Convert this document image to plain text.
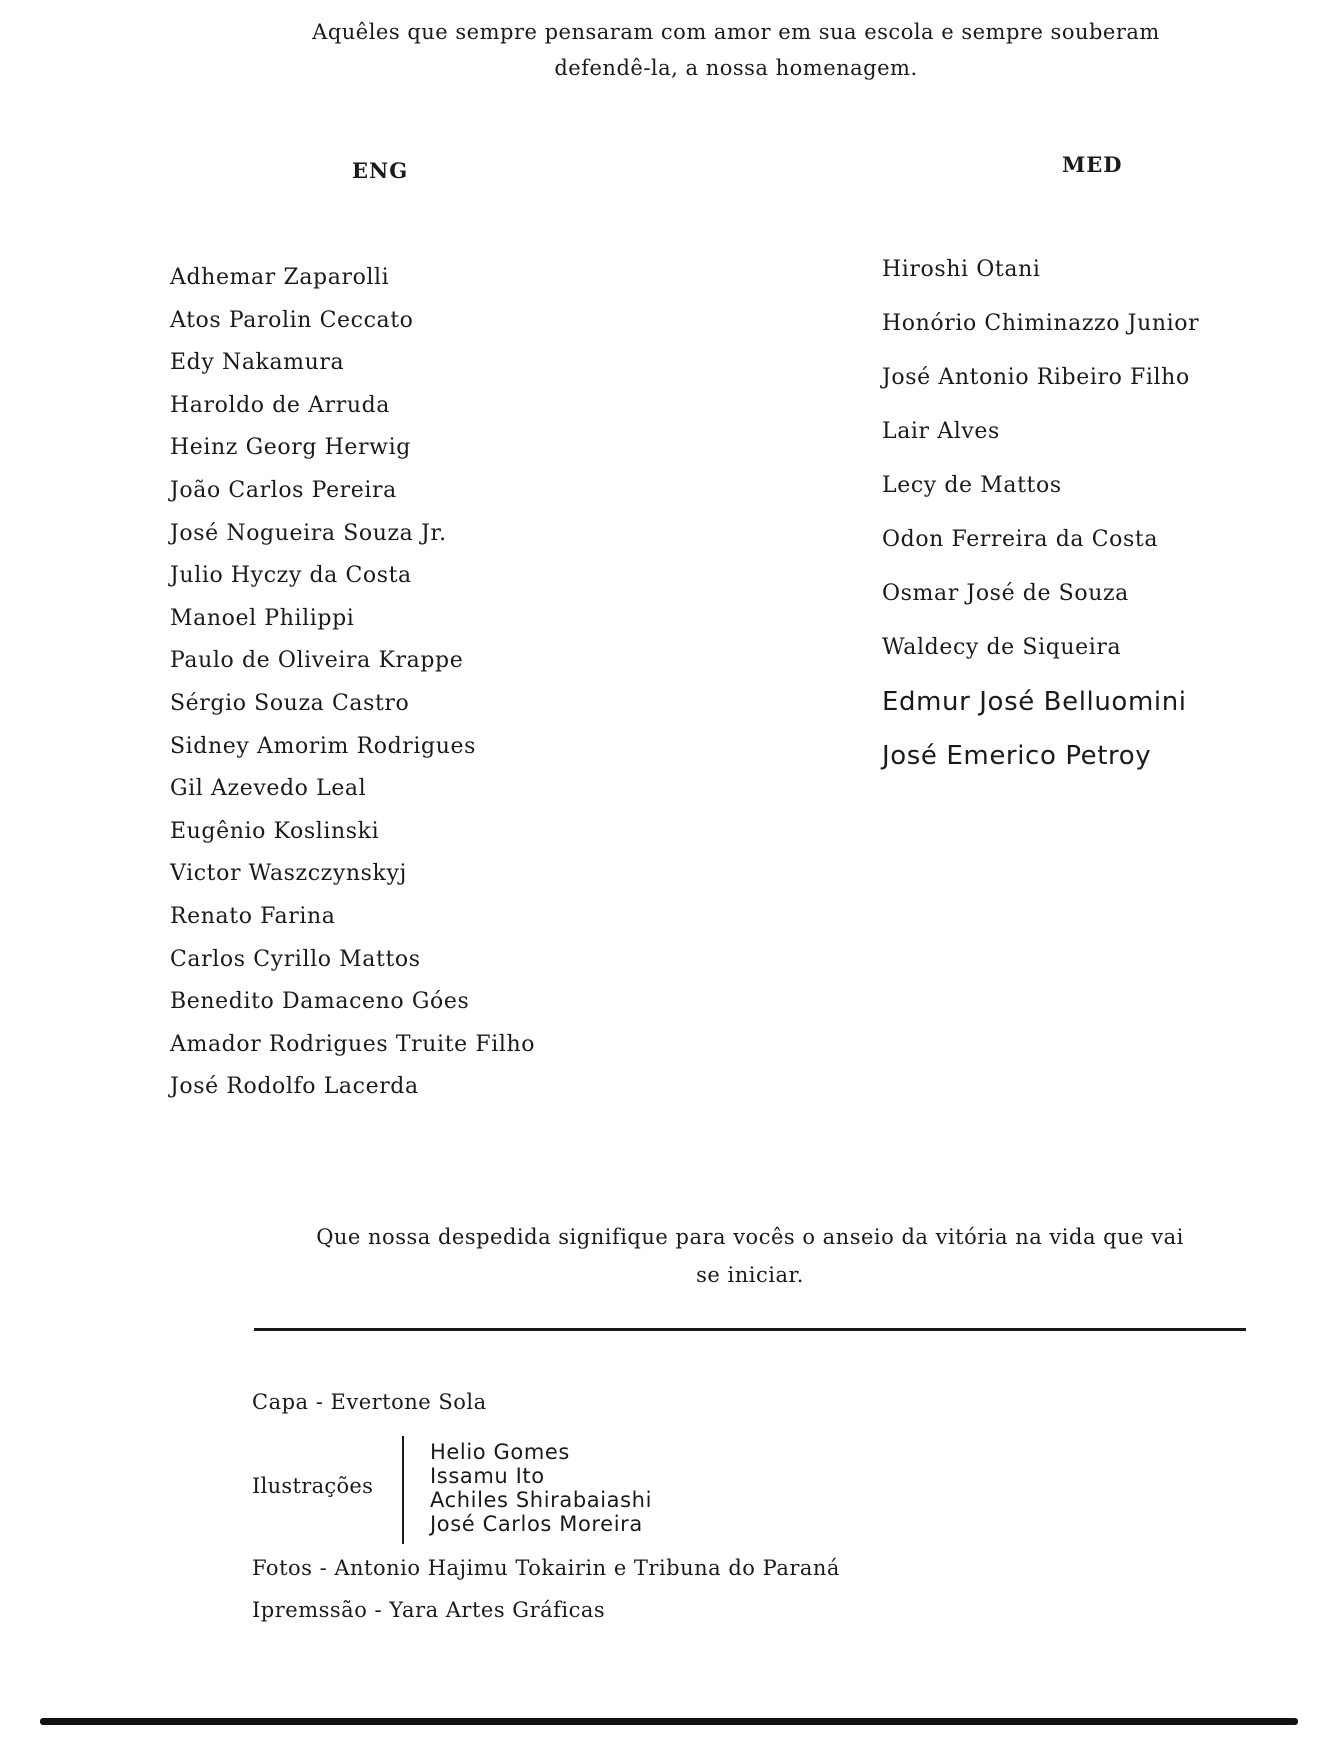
Aquêles que sempre pensaram com amor em sua escola e sempre souberam
defendê-la, a nossa homenagem.
ENG	MED
Adhemar Zaparolli
Atos Parolin Ceccato
Edy Nakamura
Haroldo de Arruda
Heinz Georg Herwig
João Carlos Pereira
José Nogueira Souza Jr.
Julio Hyczy da Costa
Manoel Philippi
Paulo de Oliveira Krappe
Sérgio Souza Castro
Sidney Amorim Rodrigues
Gil Azevedo Leal
Eugênio Koslinski
Victor Waszczynskyj
Renato Farina
Carlos Cyrillo Mattos
Benedito Damaceno Góes
Amador Rodrigues Truite Filho
José Rodolfo Lacerda
Hiroshi Otani
Honório Chiminazzo Junior
José Antonio Ribeiro Filho
Lair Alves
Lecy de Mattos
Odon Ferreira da Costa
Osmar José de Souza
Waldecy de Siqueira
Edmur José Belluomini
José Emerico Petroy
Que nossa despedida signifique para vocês o anseio da vitória na vida que vai
se iniciar.
Capa - Evertone Sola
Ilustrações
Helio Gomes
Issamu Ito
Achiles Shirabaiashi
José Carlos Moreira
Fotos - Antonio Hajimu Tokairin e Tribuna do Paraná
Ipremssão - Yara Artes Gráficas
